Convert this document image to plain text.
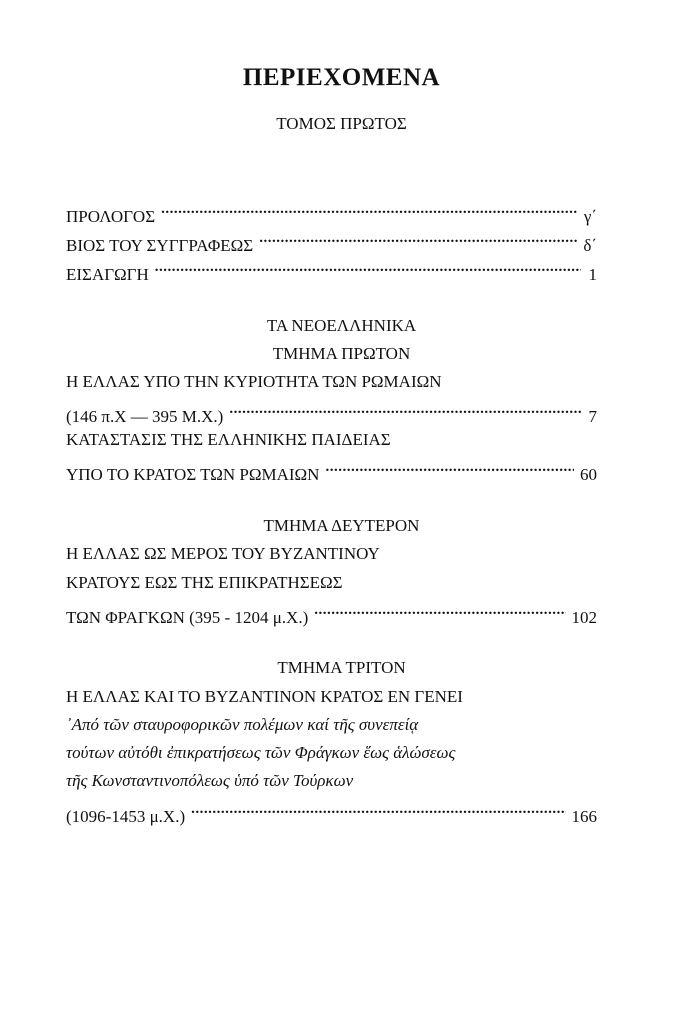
ΠΕΡΙΕΧΟΜΕΝΑ
ΤΟΜΟΣ ΠΡΩΤΟΣ
ΠΡΟΛΟΓΟΣ .....	γ΄
ΒΙΟΣ ΤΟΥ ΣΥΓΓΡΑΦΕΩΣ .....	δ΄
ΕΙΣΑΓΩΓΗ .....	1
ΤΑ ΝΕΟΕΛΛΗΝΙΚΑ
ΤΜΗΜΑ ΠΡΩΤΟΝ
Η ΕΛΛΑΣ ΥΠΟ ΤΗΝ ΚΥΡΙΟΤΗΤΑ ΤΩΝ ΡΩΜΑΙΩΝ
(146 π.Χ — 395 Μ.Χ.) .....	7
ΚΑΤΑΣΤΑΣΙΣ ΤΗΣ ΕΛΛΗΝΙΚΗΣ ΠΑΙΔΕΙΑΣ
ΥΠΟ ΤΟ ΚΡΑΤΟΣ ΤΩΝ ΡΩΜΑΙΩΝ .....	60
ΤΜΗΜΑ ΔΕΥΤΕΡΟΝ
Η ΕΛΛΑΣ ΩΣ ΜΕΡΟΣ ΤΟΥ ΒΥΖΑΝΤΙΝΟΥ
ΚΡΑΤΟΥΣ ΕΩΣ ΤΗΣ ΕΠΙΚΡΑΤΗΣΕΩΣ
ΤΩΝ ΦΡΑΓΚΩΝ (395 - 1204 μ.Χ.) .....	102
ΤΜΗΜΑ ΤΡΙΤΟΝ
Η ΕΛΛΑΣ ΚΑΙ ΤΟ ΒΥΖΑΝΤΙΝΟΝ ΚΡΑΤΟΣ ΕΝ ΓΕΝΕΙ
᾿Από τῶν σταυροφορικῶν πολέμων καί τῆς συνεπείᾳ
τούτων αὐτόθι ἐπικρατήσεως τῶν Φράγκων ἕως ἁλώσεως
τῆς Κωνσταντινοπόλεως ὑπό τῶν Τούρκων
(1096-1453 μ.Χ.) .....	166
